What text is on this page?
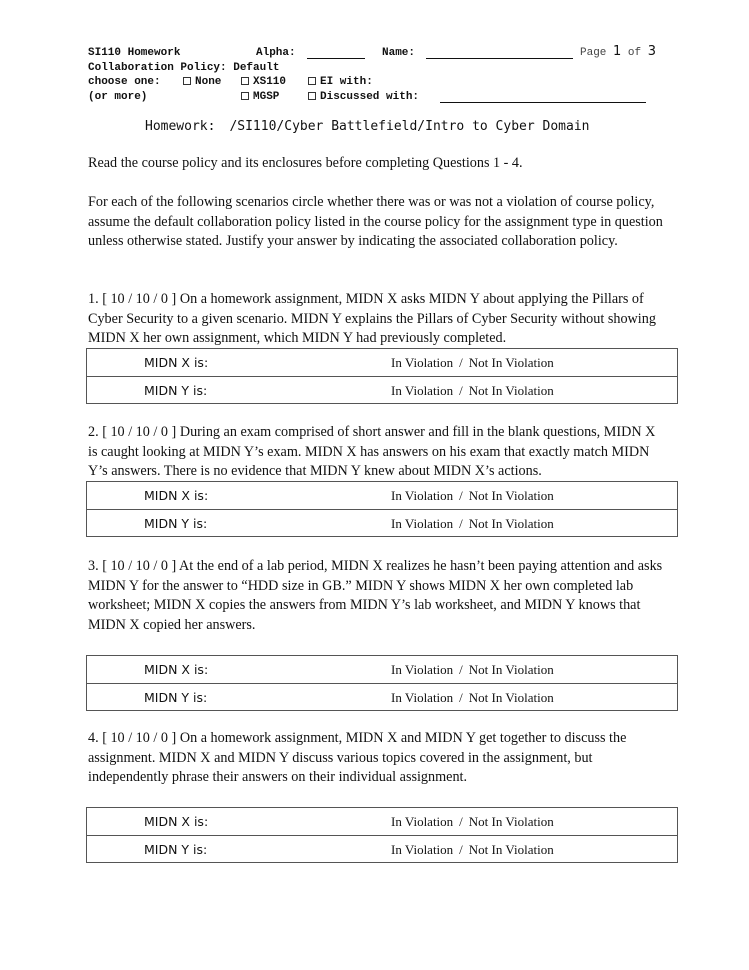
SI110 Homework	Alpha:	Name:	Page 1 of 3
Collaboration Policy: Default
choose one:	None	XS110	EI with:
(or more)	MGSP	Discussed with:
Homework: /SI110/Cyber Battlefield/Intro to Cyber Domain
Read the course policy and its enclosures before completing Questions 1 - 4.
For each of the following scenarios circle whether there was or was not a violation of course policy, assume the default collaboration policy listed in the course policy for the assignment type in question unless otherwise stated. Justify your answer by indicating the associated collaboration policy.
1. [ 10 / 10 / 0 ] On a homework assignment, MIDN X asks MIDN Y about applying the Pillars of Cyber Security to a given scenario. MIDN Y explains the Pillars of Cyber Security without showing MIDN X her own assignment, which MIDN Y had previously completed.
MIDN X is:	In Violation / Not In Violation
MIDN Y is:	In Violation / Not In Violation
2. [ 10 / 10 / 0 ] During an exam comprised of short answer and fill in the blank questions, MIDN X is caught looking at MIDN Y’s exam. MIDN X has answers on his exam that exactly match MIDN Y’s answers. There is no evidence that MIDN Y knew about MIDN X’s actions.
MIDN X is:	In Violation / Not In Violation
MIDN Y is:	In Violation / Not In Violation
3. [ 10 / 10 / 0 ] At the end of a lab period, MIDN X realizes he hasn’t been paying attention and asks MIDN Y for the answer to “HDD size in GB.” MIDN Y shows MIDN X her own completed lab worksheet; MIDN X copies the answers from MIDN Y’s lab worksheet, and MIDN Y knows that MIDN X copied her answers.
MIDN X is:	In Violation / Not In Violation
MIDN Y is:	In Violation / Not In Violation
4. [ 10 / 10 / 0 ] On a homework assignment, MIDN X and MIDN Y get together to discuss the assignment. MIDN X and MIDN Y discuss various topics covered in the assignment, but independently phrase their answers on their individual assignment.
MIDN X is:	In Violation / Not In Violation
MIDN Y is:	In Violation / Not In Violation
